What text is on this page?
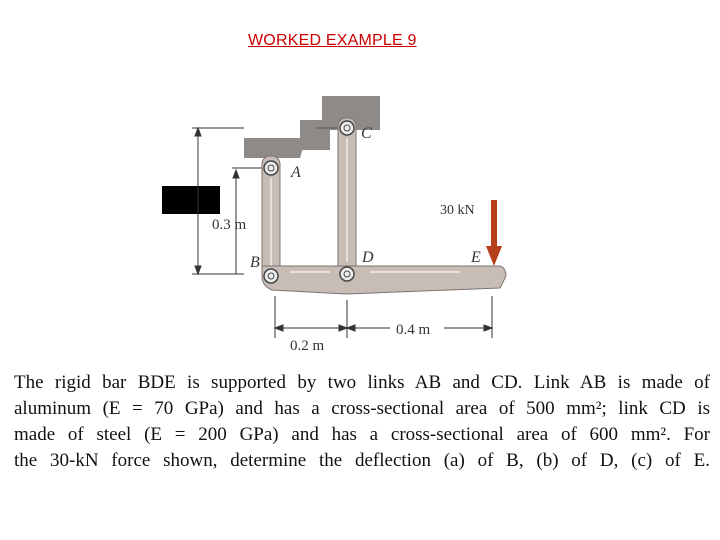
WORKED EXAMPLE 9
0.3 m
30 kN
C
A
B	D	E
0.2 m
0.4 m
The rigid bar BDE is supported by two links AB and CD. Link AB is made of
aluminum (E = 70 GPa) and has a cross-sectional area of 500 mm²; link CD is
made of steel (E = 200 GPa) and has a cross-sectional area of 600 mm². For
the 30-kN force shown, determine the deflection (a) of B, (b) of D, (c) of E.
